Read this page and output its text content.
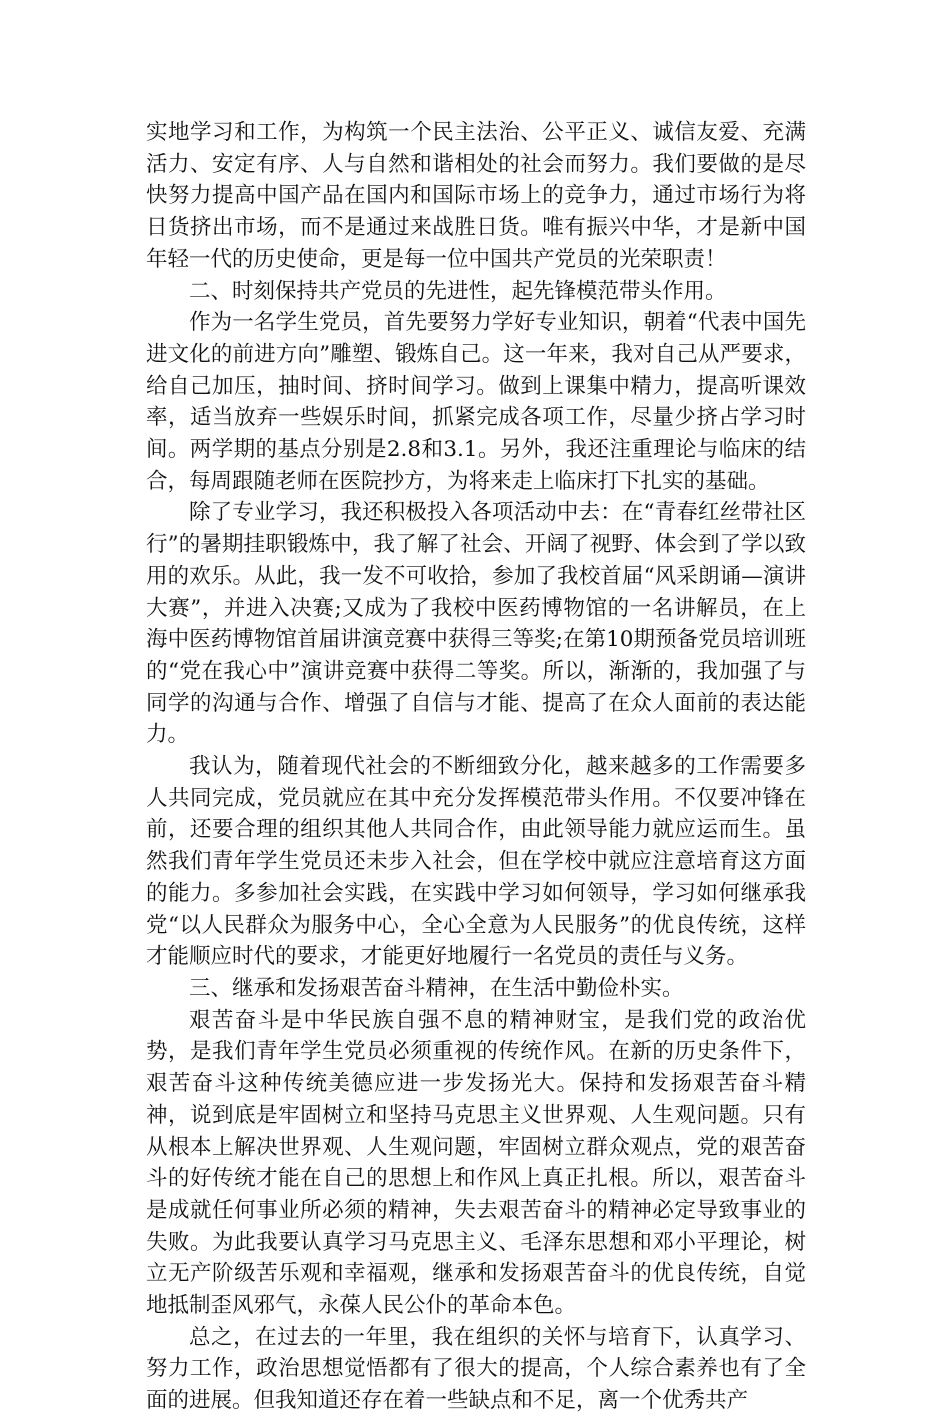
实地学习和工作，为构筑一个民主法治、公平正义、诚信友爱、充满活力、安定有序、人与自然和谐相处的社会而努力。我们要做的是尽快努力提高中国产品在国内和国际市场上的竞争力，通过市场行为将日货挤出市场，而不是通过来战胜日货。唯有振兴中华，才是新中国年轻一代的历史使命，更是每一位中国共产党员的光荣职责！

二、时刻保持共产党员的先进性，起先锋模范带头作用。

作为一名学生党员，首先要努力学好专业知识，朝着“代表中国先进文化的前进方向”雕塑、锻炼自己。这一年来，我对自己从严要求，给自己加压，抽时间、挤时间学习。做到上课集中精力，提高听课效率，适当放弃一些娱乐时间，抓紧完成各项工作，尽量少挤占学习时间。两学期的基点分别是2.8和3.1。另外，我还注重理论与临床的结合，每周跟随老师在医院抄方，为将来走上临床打下扎实的基础。

除了专业学习，我还积极投入各项活动中去：在“青春红丝带社区行”的暑期挂职锻炼中，我了解了社会、开阔了视野、体会到了学以致用的欢乐。从此，我一发不可收拾，参加了我校首届“风采朗诵—演讲大赛”，并进入决赛;又成为了我校中医药博物馆的一名讲解员，在上海中医药博物馆首届讲演竞赛中获得三等奖;在第10期预备党员培训班的“党在我心中”演讲竞赛中获得二等奖。所以，渐渐的，我加强了与同学的沟通与合作、增强了自信与才能、提高了在众人面前的表达能力。

我认为，随着现代社会的不断细致分化，越来越多的工作需要多人共同完成，党员就应在其中充分发挥模范带头作用。不仅要冲锋在前，还要合理的组织其他人共同合作，由此领导能力就应运而生。虽然我们青年学生党员还未步入社会，但在学校中就应注意培育这方面的能力。多参加社会实践，在实践中学习如何领导，学习如何继承我党“以人民群众为服务中心，全心全意为人民服务”的优良传统，这样才能顺应时代的要求，才能更好地履行一名党员的责任与义务。

三、继承和发扬艰苦奋斗精神，在生活中勤俭朴实。

艰苦奋斗是中华民族自强不息的精神财宝，是我们党的政治优势，是我们青年学生党员必须重视的传统作风。在新的历史条件下，艰苦奋斗这种传统美德应进一步发扬光大。保持和发扬艰苦奋斗精神，说到底是牢固树立和坚持马克思主义世界观、人生观问题。只有从根本上解决世界观、人生观问题，牢固树立群众观点，党的艰苦奋斗的好传统才能在自己的思想上和作风上真正扎根。所以，艰苦奋斗是成就任何事业所必须的精神，失去艰苦奋斗的精神必定导致事业的失败。为此我要认真学习马克思主义、毛泽东思想和邓小平理论，树立无产阶级苦乐观和幸福观，继承和发扬艰苦奋斗的优良传统，自觉地抵制歪风邪气，永葆人民公仆的革命本色。

总之，在过去的一年里，我在组织的关怀与培育下，认真学习、努力工作，政治思想觉悟都有了很大的提高，个人综合素养也有了全面的进展。但我知道还存在着一些缺点和不足，离一个优秀共产
